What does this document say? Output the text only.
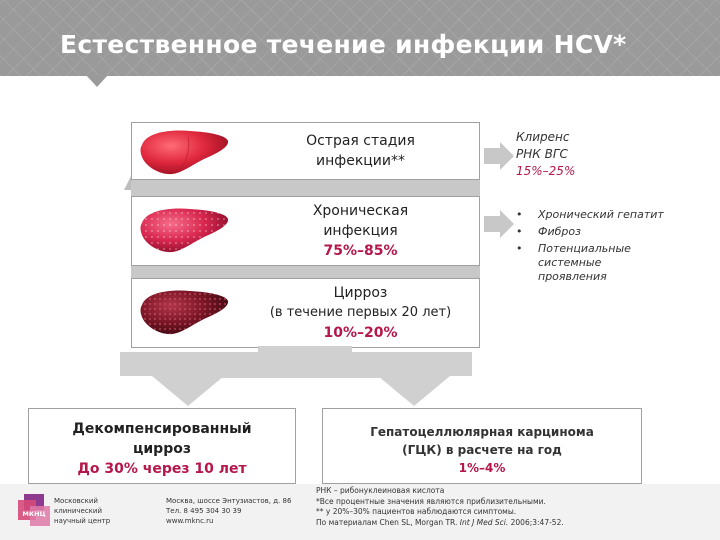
Естественное течение инфекции HCV*
Острая стадия
инфекции**
Хроническая
инфекция
75%–85%
Цирроз
(в течение первых 20 лет)
10%–20%
Клиренс
РНК ВГС
15%–25%
• Хронический гепатит
• Фиброз
• Потенциальные системные проявления
Декомпенсированный
цирроз
До 30% через 10 лет
Гепатоцеллюлярная карцинома
(ГЦК) в расчете на год
1%–4%
МКНЦ
Московский
клинический
научный центр
Москва, шоссе Энтузиастов, д. 86
Тел. 8 495 304 30 39
www.mknc.ru
РНК – рибонуклеиновая кислота
*Все процентные значения являются приблизительными.
** у 20%–30% пациентов наблюдаются симптомы.
По материалам Chen SL, Morgan TR. Int J Med Sci. 2006;3:47-52.
